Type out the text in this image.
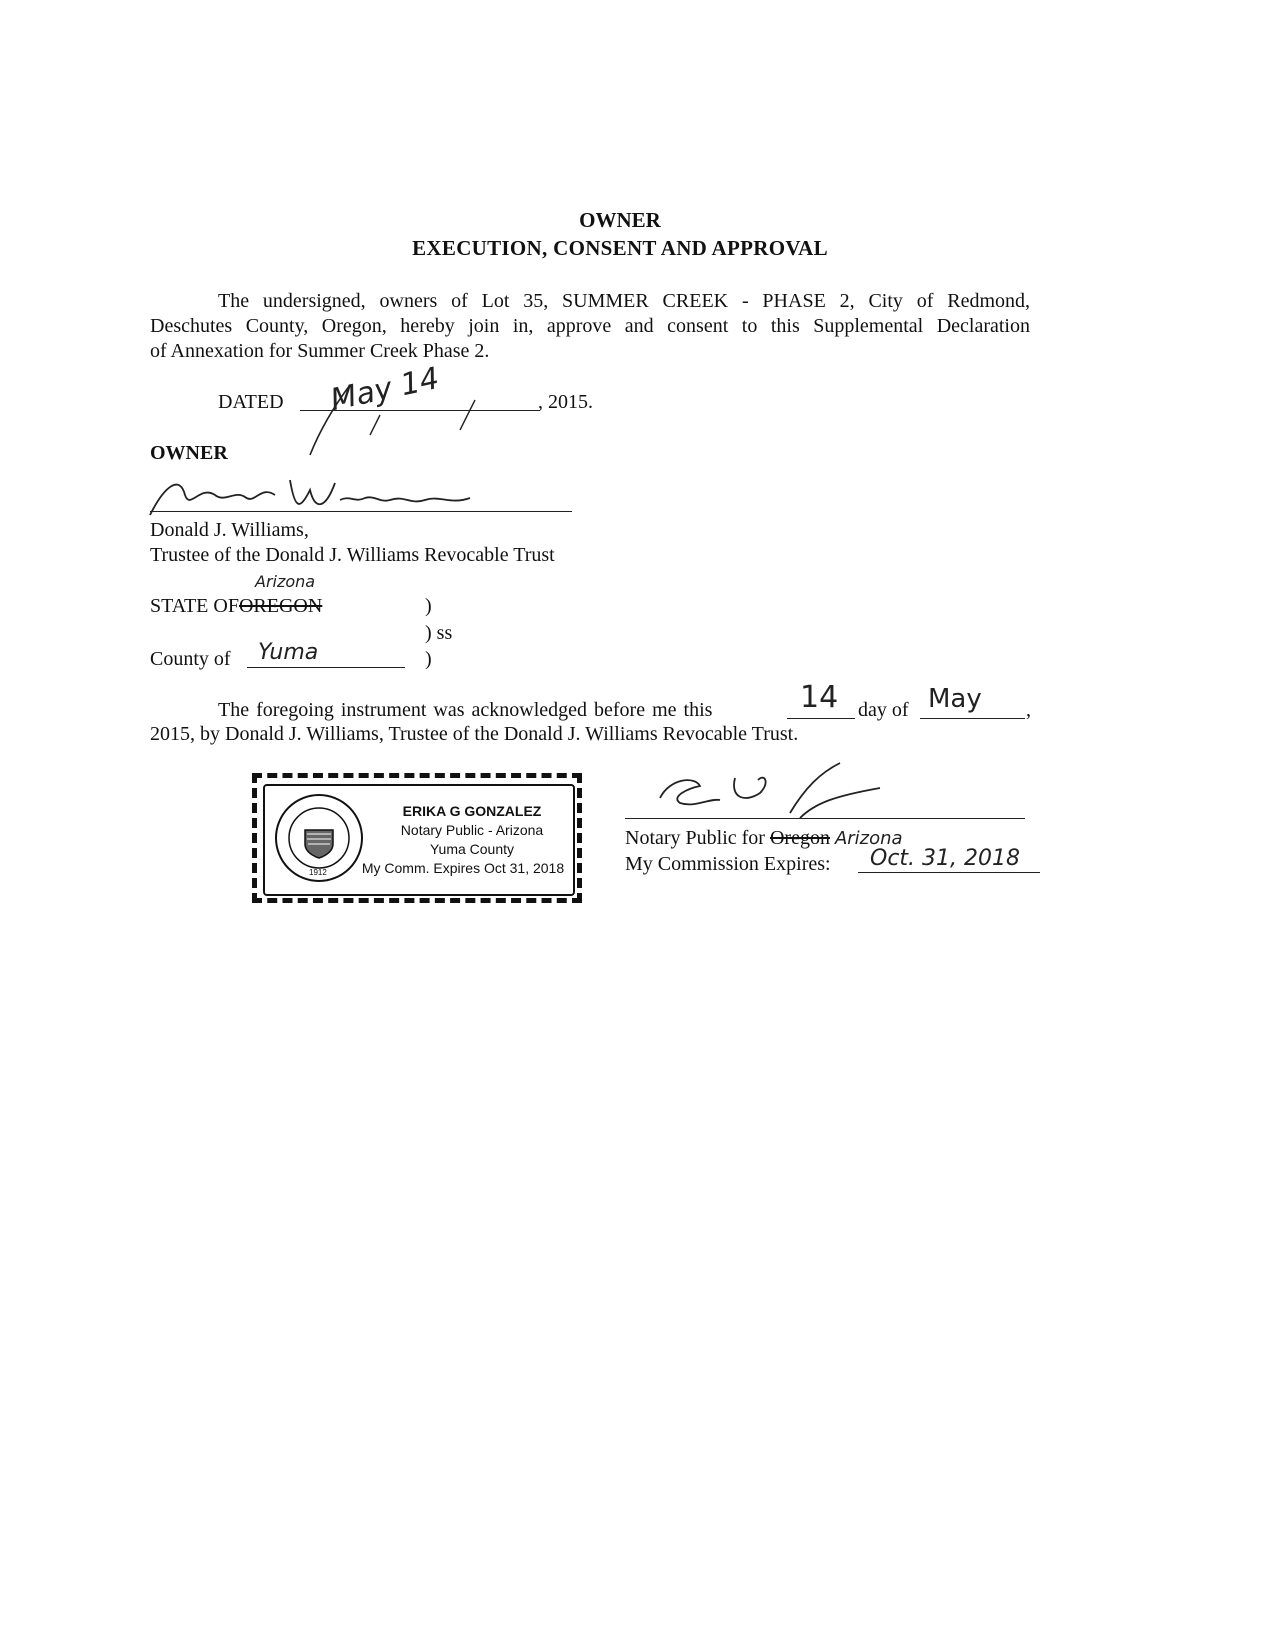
OWNER
EXECUTION, CONSENT AND APPROVAL
The undersigned, owners of Lot 35, SUMMER CREEK - PHASE 2, City of Redmond,
Deschutes County, Oregon, hereby join in, approve and consent to this Supplemental Declaration
of Annexation for Summer Creek Phase 2.
DATED	, 2015.
May 14
OWNER
Donald J. Williams,
Trustee of the Donald J. Williams Revocable Trust
Arizona
STATE OFOREGON	)
) ss
County of Yuma	)
The foregoing instrument was acknowledged before me this	14 day of May ,
2015, by Donald J. Williams, Trustee of the Donald J. Williams Revocable Trust.
1912
ERIKA G GONZALEZ
Notary Public - Arizona
Yuma County
My Comm. Expires Oct 31, 2018
Notary Public for Oregon Arizona
My Commission Expires: Oct. 31, 2018
